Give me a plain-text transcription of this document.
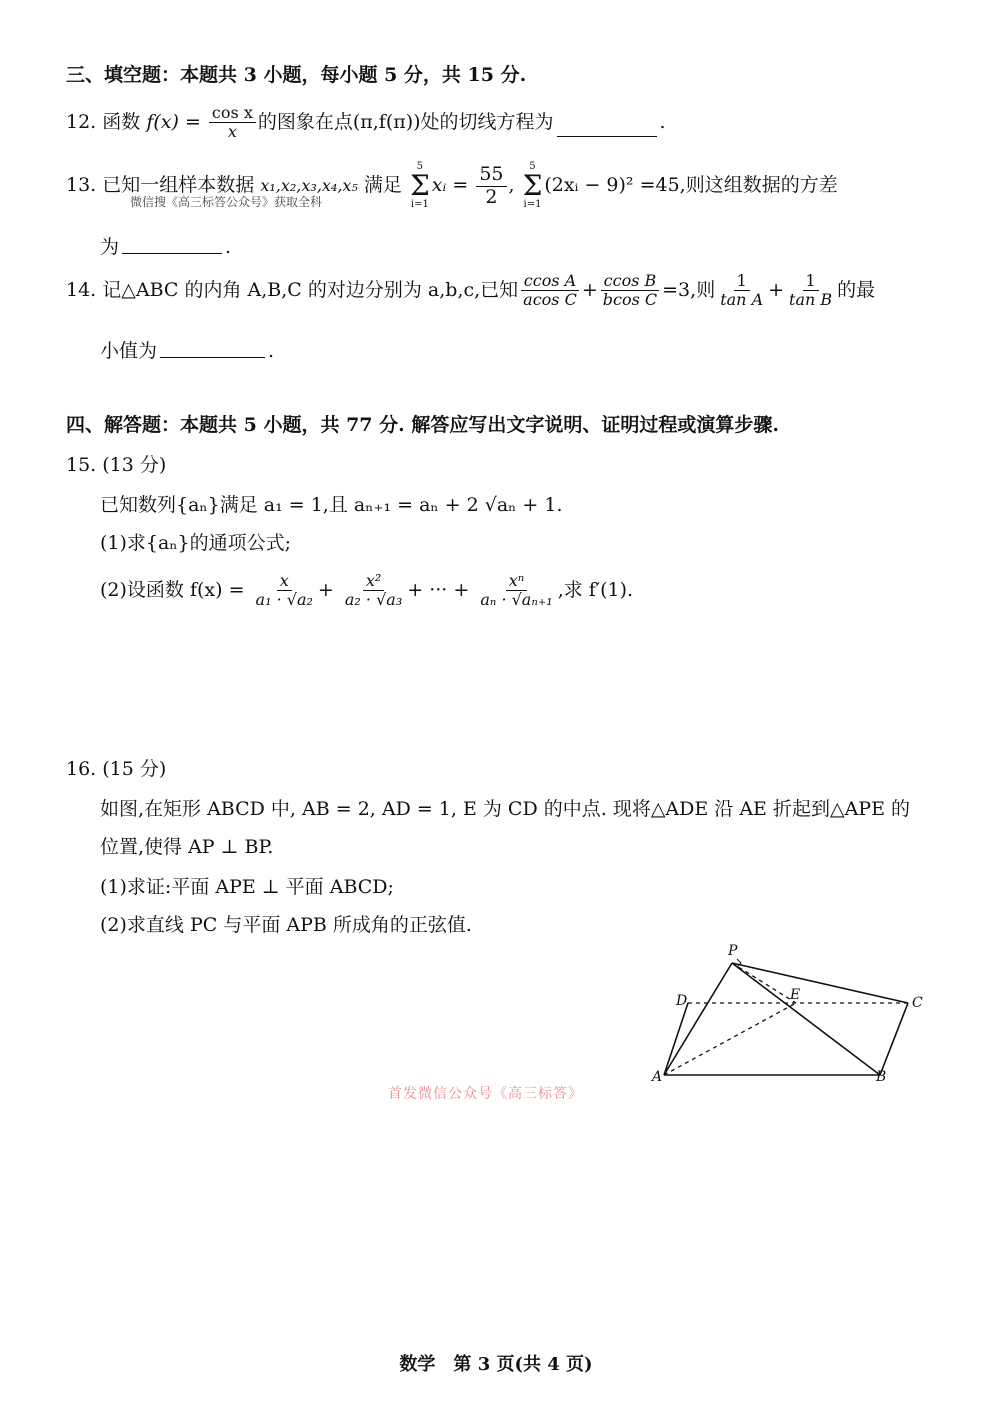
三、填空题：本题共 3 小题，每小题 5 分，共 15 分.
12. 函数 $f(x) = \frac{\text{cos x}}{x}$ 的图象在点(π,f(π))处的切线方程为	.
13. 已知一组样本数据 x₁,x₂,x₃,x₄,x₅ 满足
5
Σ
i=1
xᵢ = $\frac{55}{2}$ ,
5
Σ
i=1
(2xᵢ − 9)² =45,则这组数据的方差
微信搜《高三标答公众号》获取全科
为	.
14. 记△ABC 的内角 A,B,C 的对边分别为 a,b,c,已知 $\frac{\text{ccos A}}{\text{acos C}} + \frac{\text{ccos B}}{\text{bcos C}} =3$,则 $\frac{1}{\text{tan A}} + \frac{1}{\text{tan B}}$ 的最
小值为	.
四、解答题：本题共 5 小题，共 77 分. 解答应写出文字说明、证明过程或演算步骤.
15. (13 分)
已知数列{aₙ}满足 a₁ = 1,且 aₙ₊₁ = aₙ + 2 √aₙ + 1.
(1)求{aₙ}的通项公式;
(2)设函数 $f(x) = \frac{x}{\text{a₁ · √a₂}} + \frac{\text{x²}}{\text{a₂ · √a₃}}$ + ··· + $\frac{\text{xⁿ}}{\text{aₙ · √aₙ₊₁}}$ ,求 f′(1).
16. (15 分)
如图,在矩形 ABCD 中, AB = 2, AD = 1, E 为 CD 的中点. 现将△ADE 沿 AE 折起到△APE 的
位置,使得 AP ⊥ BP.
(1)求证:平面 APE ⊥ 平面 ABCD;
(2)求直线 PC 与平面 APB 所成角的正弦值.
P
D	E	C
A	B
首发微信公众号《高三标答》
数学　第 3 页(共 4 页)
